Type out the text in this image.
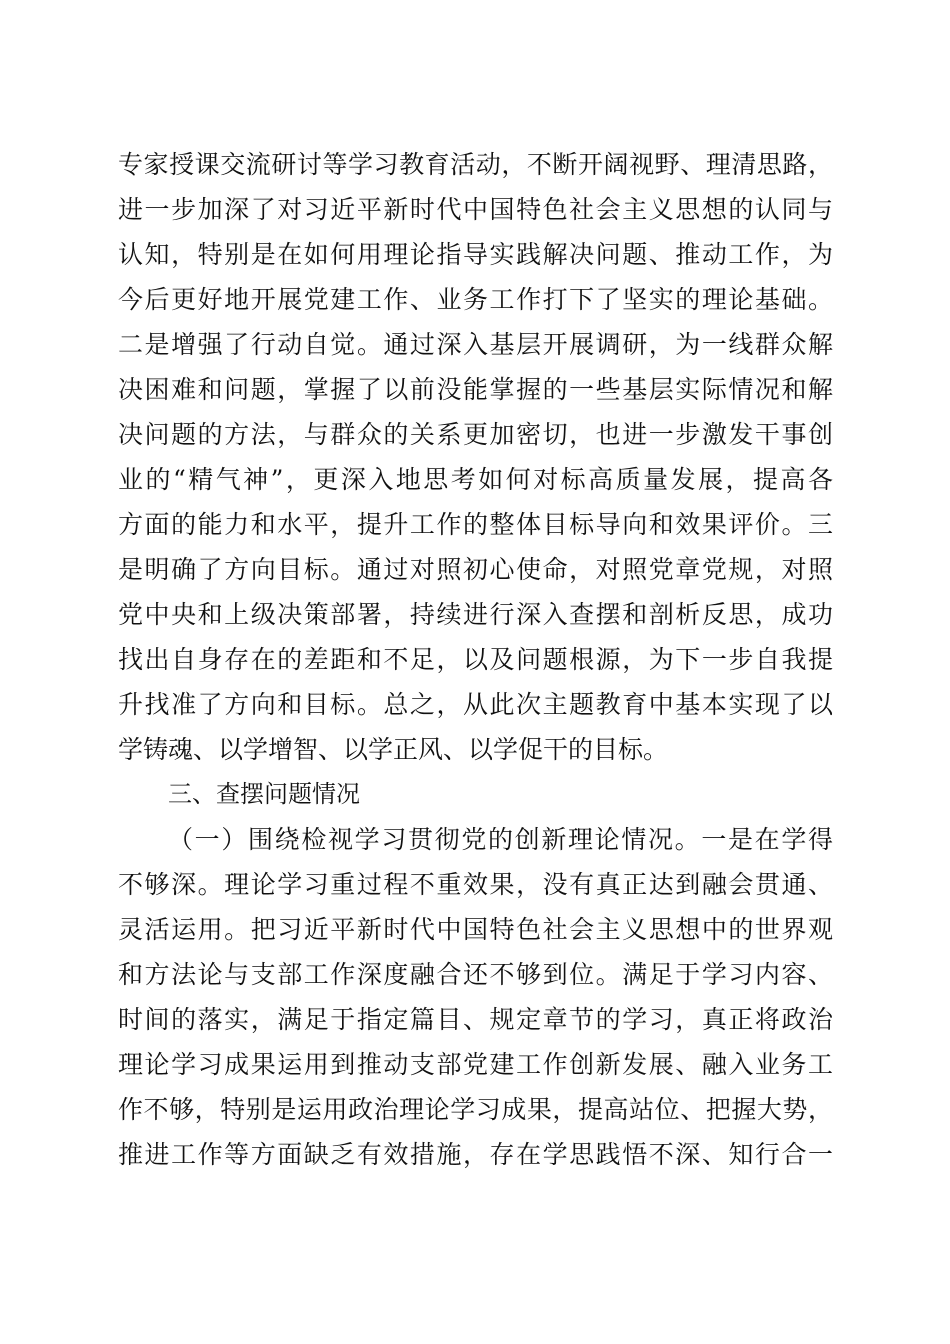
专家授课交流研讨等学习教育活动，不断开阔视野、理清思路，
进一步加深了对习近平新时代中国特色社会主义思想的认同与
认知，特别是在如何用理论指导实践解决问题、推动工作，为
今后更好地开展党建工作、业务工作打下了坚实的理论基础。
二是增强了行动自觉。通过深入基层开展调研，为一线群众解
决困难和问题，掌握了以前没能掌握的一些基层实际情况和解
决问题的方法，与群众的关系更加密切，也进一步激发干事创
业的“精气神”，更深入地思考如何对标高质量发展，提高各
方面的能力和水平，提升工作的整体目标导向和效果评价。三
是明确了方向目标。通过对照初心使命，对照党章党规，对照
党中央和上级决策部署，持续进行深入查摆和剖析反思，成功
找出自身存在的差距和不足，以及问题根源，为下一步自我提
升找准了方向和目标。总之，从此次主题教育中基本实现了以
学铸魂、以学增智、以学正风、以学促干的目标。
三、查摆问题情况
（一）围绕检视学习贯彻党的创新理论情况。一是在学得
不够深。理论学习重过程不重效果，没有真正达到融会贯通、
灵活运用。把习近平新时代中国特色社会主义思想中的世界观
和方法论与支部工作深度融合还不够到位。满足于学习内容、
时间的落实，满足于指定篇目、规定章节的学习，真正将政治
理论学习成果运用到推动支部党建工作创新发展、融入业务工
作不够，特别是运用政治理论学习成果，提高站位、把握大势，
推进工作等方面缺乏有效措施，存在学思践悟不深、知行合一
